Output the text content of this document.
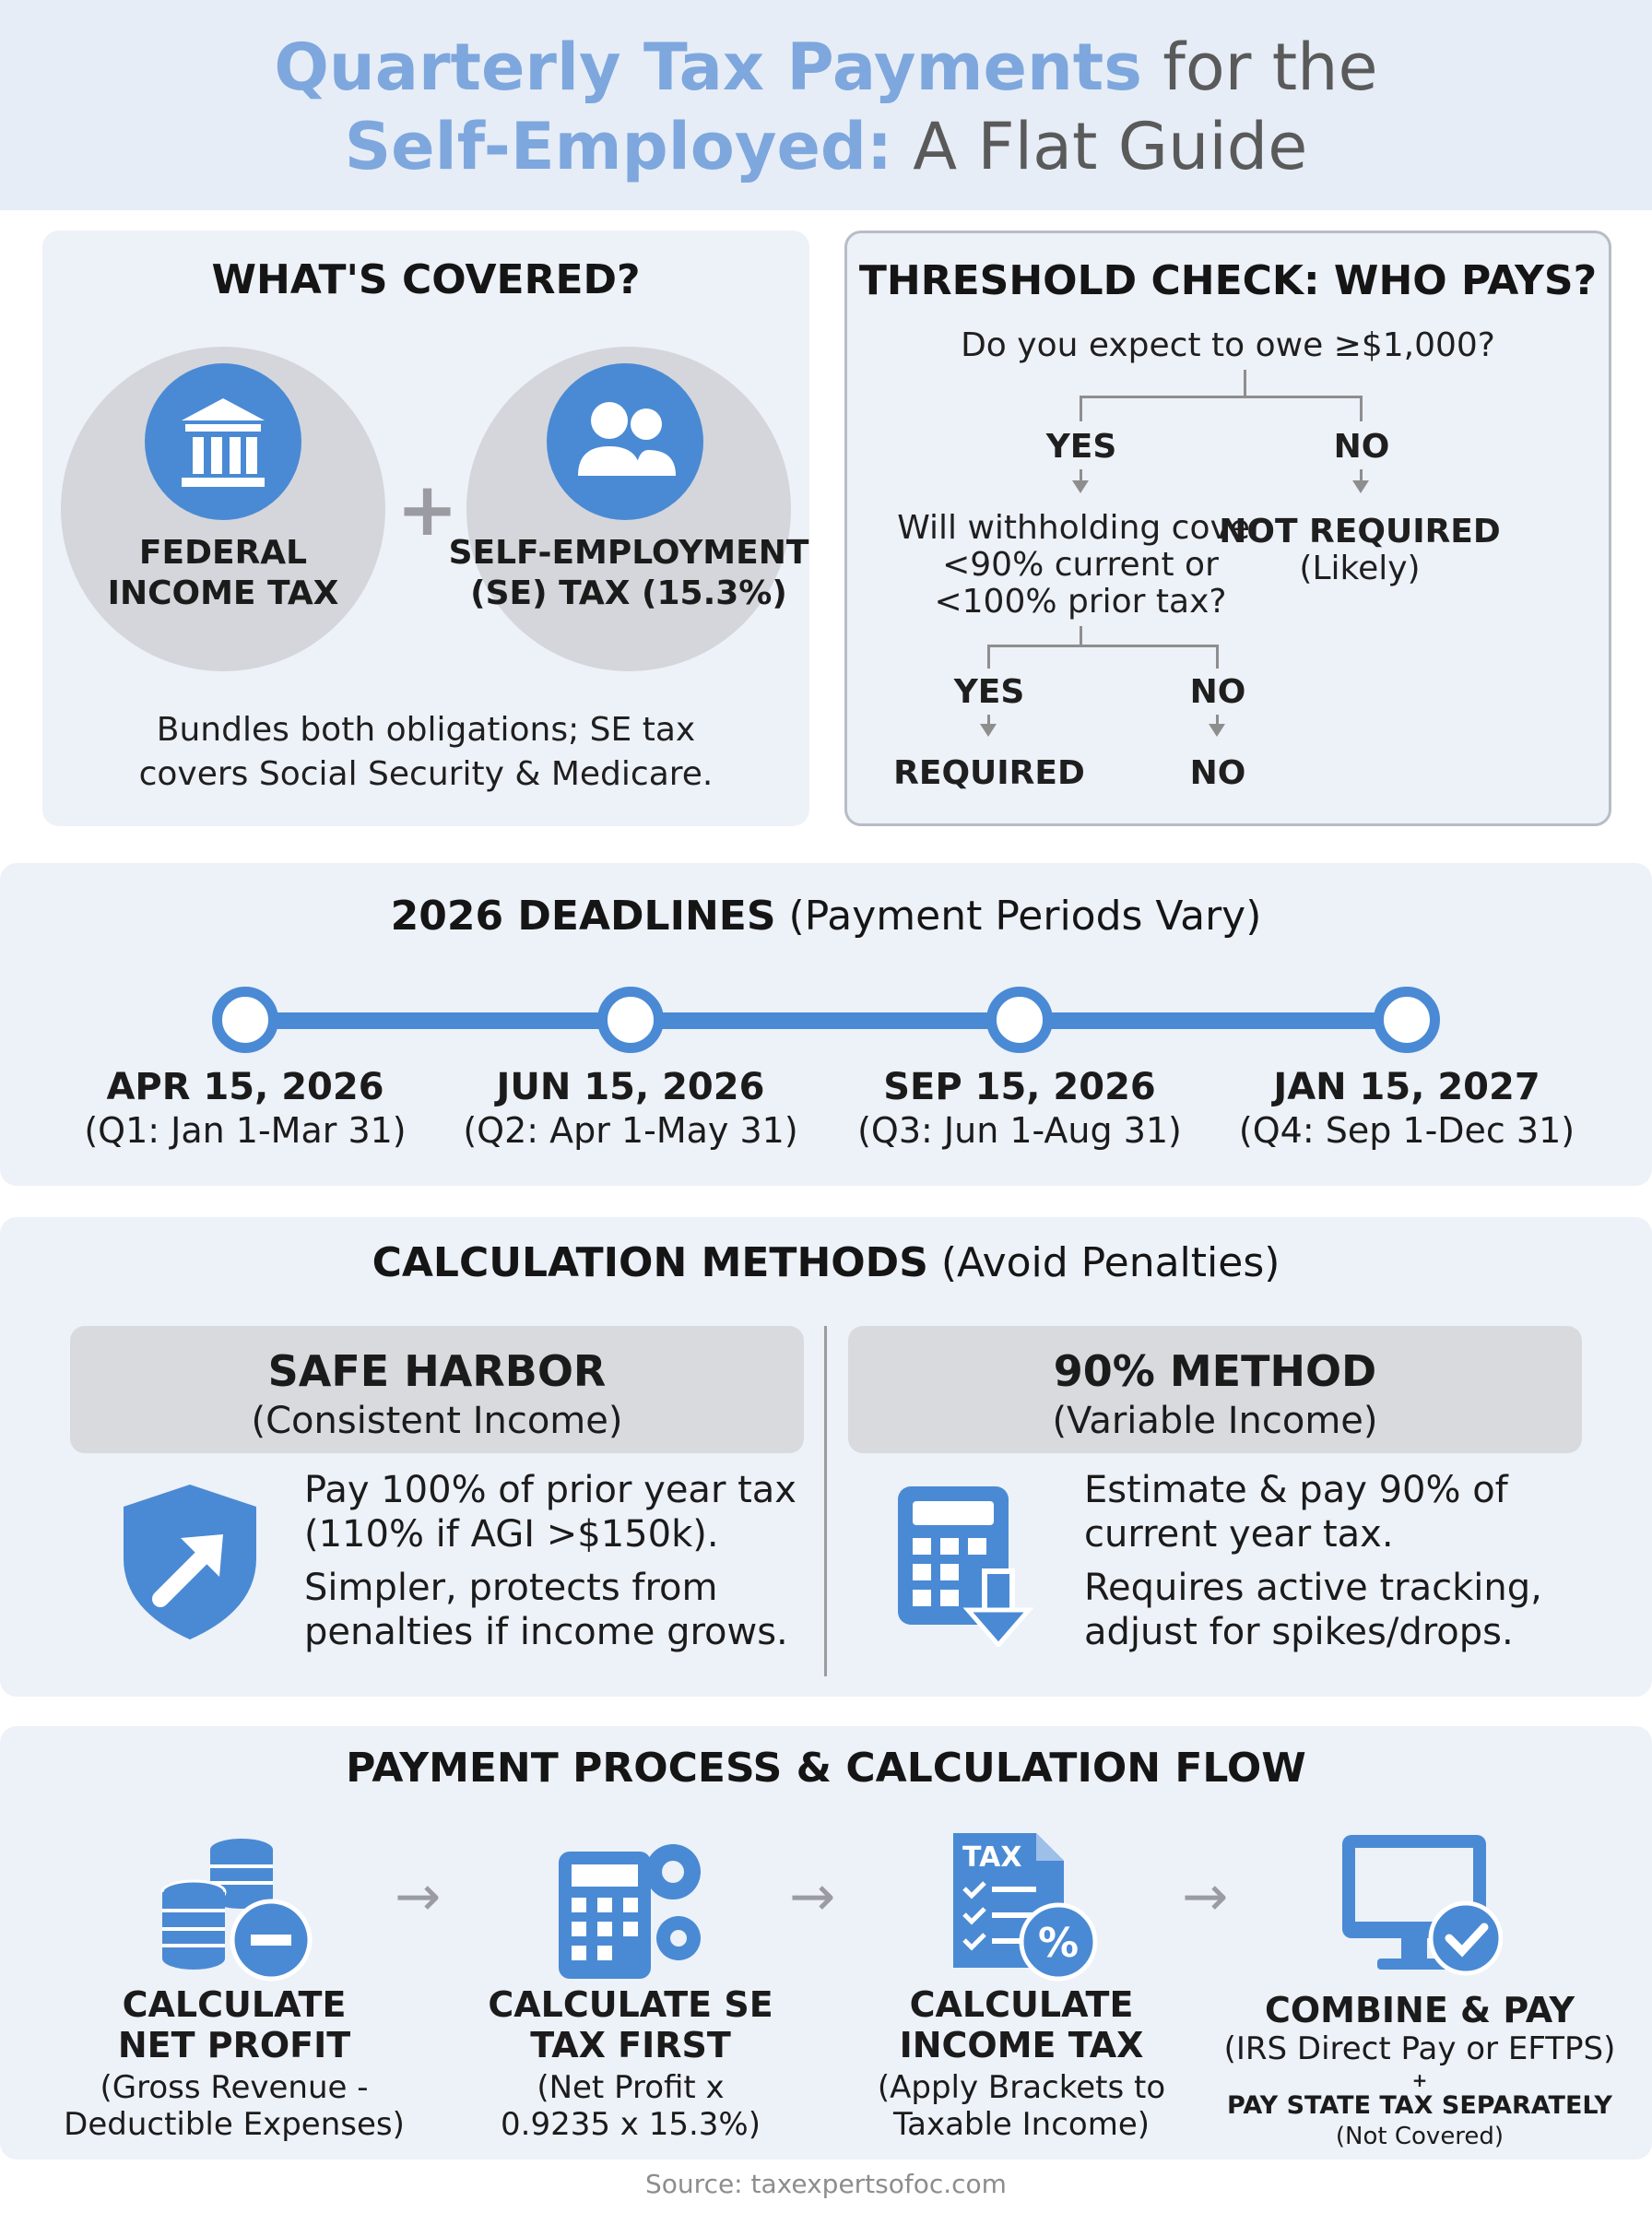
Quarterly Tax Payments for the
Self-Employed: A Flat Guide
WHAT'S COVERED?
FEDERAL
INCOME TAX
+
SELF-EMPLOYMENT
(SE) TAX (15.3%)
Bundles both obligations; SE tax
covers Social Security & Medicare.
THRESHOLD CHECK: WHO PAYS?
Do you expect to owe ≥$1,000?
YES	NO
Will withholding cover
<90% current or
<100% prior tax?
NOT REQUIRED
(Likely)
YES	NO
REQUIRED	NO
2026 DEADLINES (Payment Periods Vary)
APR 15, 2026
(Q1: Jan 1-Mar 31)
JUN 15, 2026
(Q2: Apr 1-May 31)
SEP 15, 2026
(Q3: Jun 1-Aug 31)
JAN 15, 2027
(Q4: Sep 1-Dec 31)
CALCULATION METHODS (Avoid Penalties)
SAFE HARBOR
(Consistent Income)
90% METHOD
(Variable Income)
Pay 100% of prior year tax
(110% if AGI >$150k).
Simpler, protects from
penalties if income grows.
Estimate & pay 90% of
current year tax.
Requires active tracking,
adjust for spikes/drops.
PAYMENT PROCESS & CALCULATION FLOW
CALCULATE
NET PROFIT
(Gross Revenue -
Deductible Expenses)
→
CALCULATE SE
TAX FIRST
(Net Profit x
0.9235 x 15.3%)
→
TAX
%
CALCULATE
INCOME TAX
(Apply Brackets to
Taxable Income)
→
COMBINE & PAY
(IRS Direct Pay or EFTPS)
+
PAY STATE TAX SEPARATELY
(Not Covered)
Source: taxexpertsofoc.com
